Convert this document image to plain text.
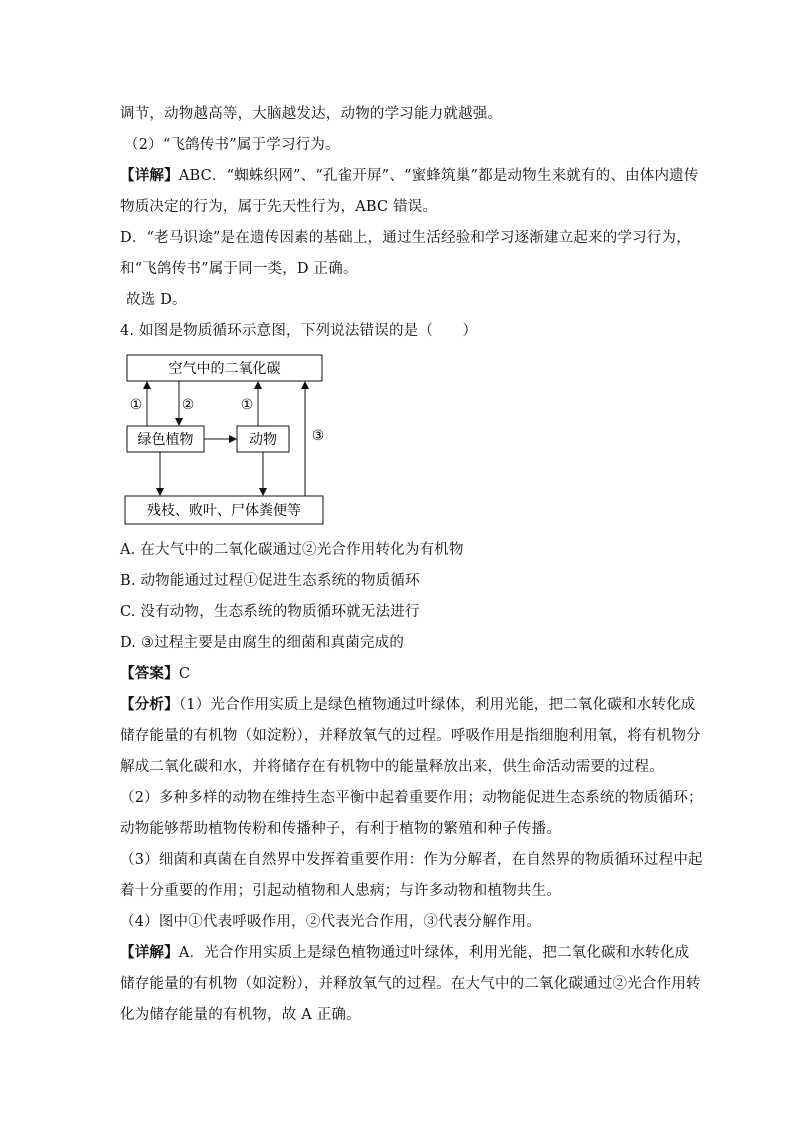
调节，动物越高等，大脑越发达，动物的学习能力就越强。
（2）“飞鸽传书”属于学习行为。
【详解】ABC．“蜘蛛织网”、“孔雀开屏”、“蜜蜂筑巢”都是动物生来就有的、由体内遗传
物质决定的行为，属于先天性行为，ABC 错误。
D．“老马识途”是在遗传因素的基础上，通过生活经验和学习逐渐建立起来的学习行为，
和“飞鸽传书”属于同一类，D 正确。
故选 D。
4. 如图是物质循环示意图，下列说法错误的是（　　）
空气中的二氧化碳
绿色植物	动物
残枝、败叶、尸体粪便等
①	②	①
③
A. 在大气中的二氧化碳通过②光合作用转化为有机物
B. 动物能通过过程①促进生态系统的物质循环
C. 没有动物，生态系统的物质循环就无法进行
D. ③过程主要是由腐生的细菌和真菌完成的
【答案】C
【分析】（1）光合作用实质上是绿色植物通过叶绿体，利用光能，把二氧化碳和水转化成
储存能量的有机物（如淀粉），并释放氧气的过程。呼吸作用是指细胞利用氧，将有机物分
解成二氧化碳和水，并将储存在有机物中的能量释放出来，供生命活动需要的过程。
（2）多种多样的动物在维持生态平衡中起着重要作用；动物能促进生态系统的物质循环；
动物能够帮助植物传粉和传播种子，有利于植物的繁殖和种子传播。
（3）细菌和真菌在自然界中发挥着重要作用：作为分解者，在自然界的物质循环过程中起
着十分重要的作用；引起动植物和人患病；与许多动物和植物共生。
（4）图中①代表呼吸作用，②代表光合作用，③代表分解作用。
【详解】A．光合作用实质上是绿色植物通过叶绿体，利用光能，把二氧化碳和水转化成
储存能量的有机物（如淀粉），并释放氧气的过程。在大气中的二氧化碳通过②光合作用转
化为储存能量的有机物，故 A 正确。
